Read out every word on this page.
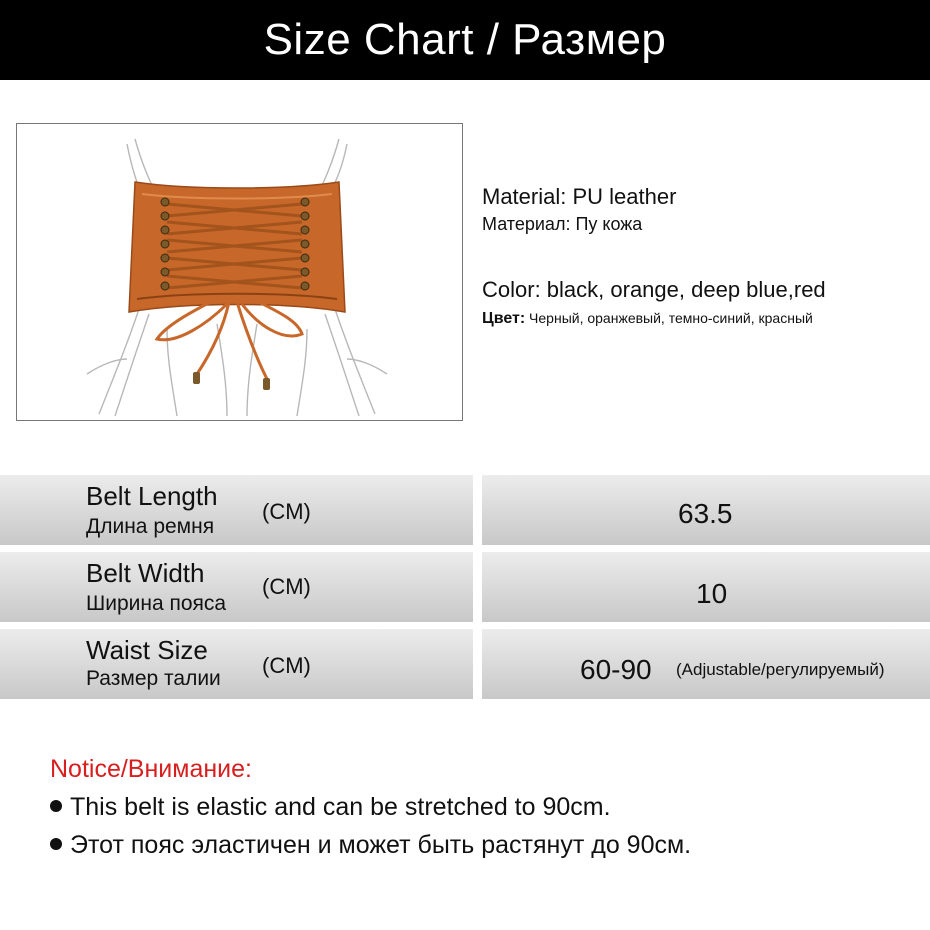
Size Chart / Размер
Material: PU leather
Материал: Пу кожа
Color: black, orange, deep blue,red
Цвет: Черный, оранжевый, темно-синий, красный
Belt Length
Длина ремня
(CM)	63.5
Belt Width
Ширина пояса
(CM)	10
Waist Size
Размер талии
(CM)	60-90 (Adjustable/регулируемый)
Notice/Внимание:
This belt is elastic and can be stretched to 90cm.
Этот пояс эластичен и может быть растянут до 90см.
